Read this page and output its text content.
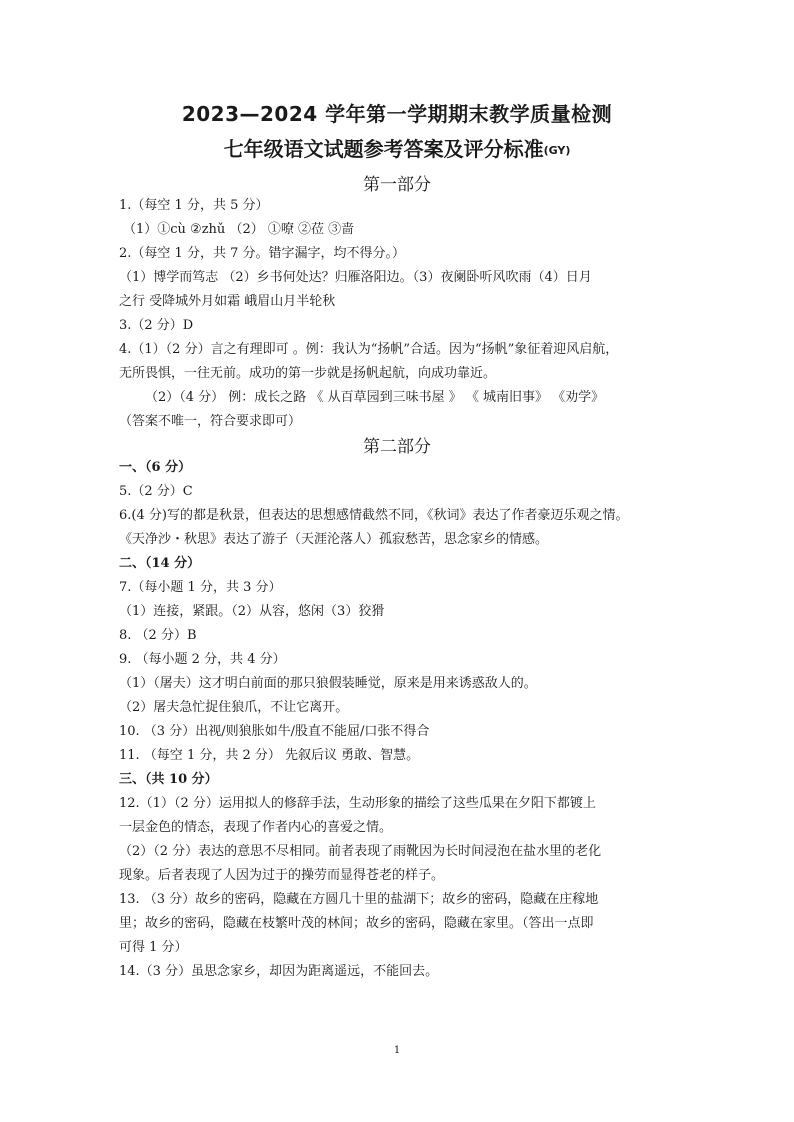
2023—2024 学年第一学期期末教学质量检测
七年级语文试题参考答案及评分标准(GY)
第一部分
1.（每空 1 分，共 5 分）
（1）①cù ②zhǔ （2） ①嘹 ②莅 ③啬
2.（每空 1 分，共 7 分。错字漏字，均不得分。）
（1）博学而笃志 （2）乡书何处达？归雁洛阳边。（3）夜阑卧听风吹雨（4）日月
之行 受降城外月如霜 峨眉山月半轮秋
3.（2 分）D
4.（1）（2 分）言之有理即可 。例：我认为“扬帆”合适。因为“扬帆”象征着迎风启航，
无所畏惧，一往无前。成功的第一步就是扬帆起航，向成功靠近。
（2）（4 分） 例：成长之路 《 从百草园到三味书屋 》 《 城南旧事》 《劝学》
（答案不唯一，符合要求即可）
第二部分
一、（6 分）
5.（2 分）C
6.(4 分)写的都是秋景，但表达的思想感情截然不同，《秋词》表达了作者豪迈乐观之情。
《天净沙・秋思》表达了游子（天涯沦落人）孤寂愁苦，思念家乡的情感。
二、（14 分）
7.（每小题 1 分，共 3 分）
（1）连接，紧跟。（2）从容，悠闲（3）狡猾
8. （2 分）B
9. （每小题 2 分，共 4 分）
（1）（屠夫）这才明白前面的那只狼假装睡觉，原来是用来诱惑敌人的。
（2）屠夫急忙捉住狼爪，不让它离开。
10. （3 分）出视/则狼胀如牛/股直不能屈/口张不得合
11. （每空 1 分，共 2 分） 先叙后议 勇敢、智慧。
三、（共 10 分）
12.（1）（2 分）运用拟人的修辞手法，生动形象的描绘了这些瓜果在夕阳下都镀上
一层金色的情态，表现了作者内心的喜爱之情。
（2）（2 分）表达的意思不尽相同。前者表现了雨靴因为长时间浸泡在盐水里的老化
现象。后者表现了人因为过于的操劳而显得苍老的样子。
13. （3 分）故乡的密码，隐藏在方圆几十里的盐湖下；故乡的密码，隐藏在庄稼地
里；故乡的密码，隐藏在枝繁叶茂的林间；故乡的密码，隐藏在家里。（答出一点即
可得 1 分）
14.（3 分）虽思念家乡，却因为距离遥远，不能回去。
1
